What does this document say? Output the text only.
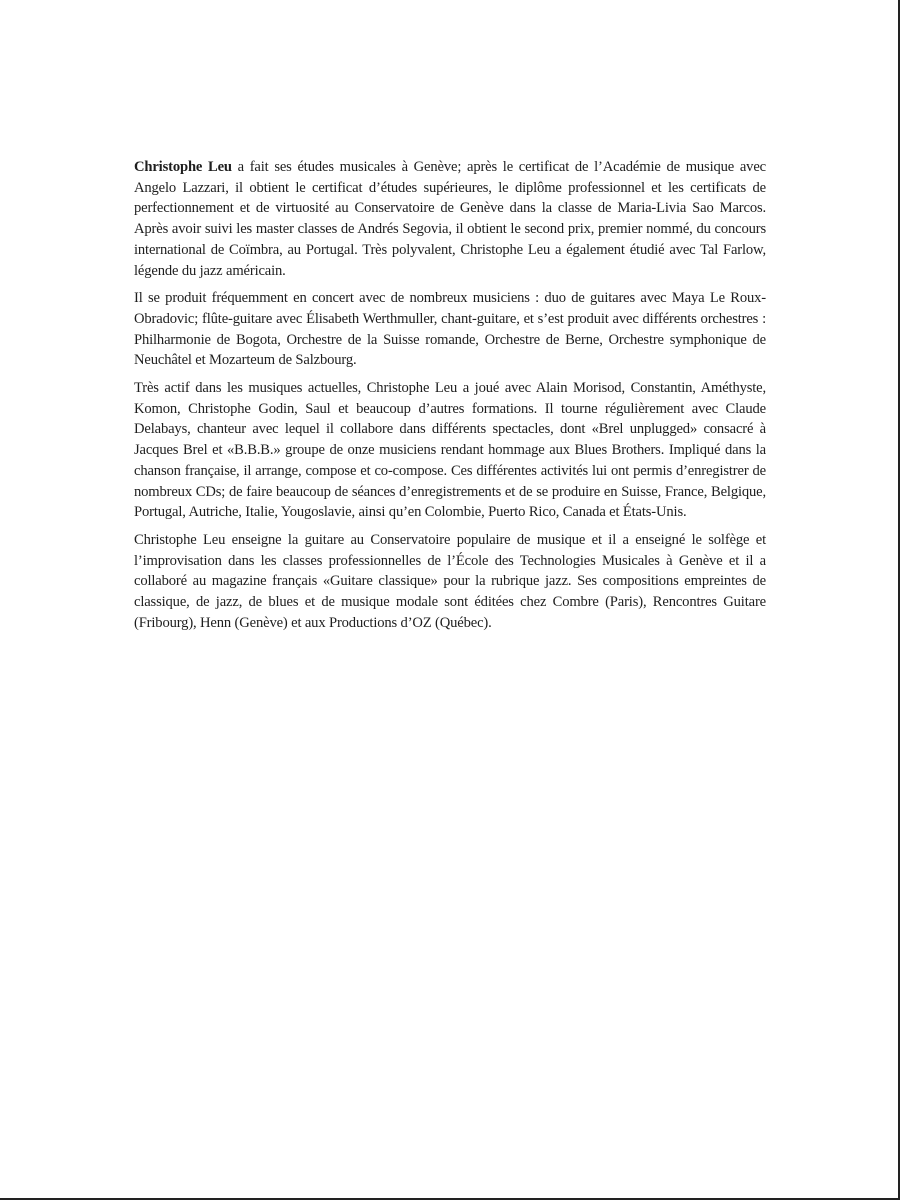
Christophe Leu a fait ses études musicales à Genève; après le certificat de l’Académie de musique avec Angelo Lazzari, il obtient le certificat d’études supérieures, le diplôme professionnel et les certificats de perfectionnement et de virtuosité au Conservatoire de Genève dans la classe de Maria-Livia Sao Marcos. Après avoir suivi les master classes de Andrés Segovia, il obtient le second prix, premier nommé, du concours international de Coïmbra, au Portugal. Très polyvalent, Christophe Leu a également étudié avec Tal Farlow, légende du jazz américain.

Il se produit fréquemment en concert avec de nombreux musiciens : duo de guitares avec Maya Le Roux-Obradovic; flûte-guitare avec Élisabeth Werthmuller, chant-guitare, et s’est produit avec différents orchestres : Philharmonie de Bogota, Orchestre de la Suisse romande, Orchestre de Berne, Orchestre symphonique de Neuchâtel et Mozarteum de Salzbourg.

Très actif dans les musiques actuelles, Christophe Leu a joué avec Alain Morisod, Constantin, Améthyste, Komon, Christophe Godin, Saul et beaucoup d’autres formations. Il tourne régulièrement avec Claude Delabays, chanteur avec lequel il collabore dans différents spectacles, dont «Brel unplugged» consacré à Jacques Brel et «B.B.B.» groupe de onze musiciens rendant hommage aux Blues Brothers. Impliqué dans la chanson française, il arrange, compose et co-compose. Ces différentes activités lui ont permis d’enregistrer de nombreux CDs; de faire beaucoup de séances d’enregistrements et de se produire en Suisse, France, Belgique, Portugal, Autriche, Italie, Yougoslavie, ainsi qu’en Colombie, Puerto Rico, Canada et États-Unis.

Christophe Leu enseigne la guitare au Conservatoire populaire de musique et il a enseigné le solfège et l’improvisation dans les classes professionnelles de l’École des Technologies Musicales à Genève et il a collaboré au magazine français «Guitare classique» pour la rubrique jazz. Ses compositions empreintes de classique, de jazz, de blues et de musique modale sont éditées chez Combre (Paris), Rencontres Guitare (Fribourg), Henn (Genève) et aux Productions d’OZ (Québec).
